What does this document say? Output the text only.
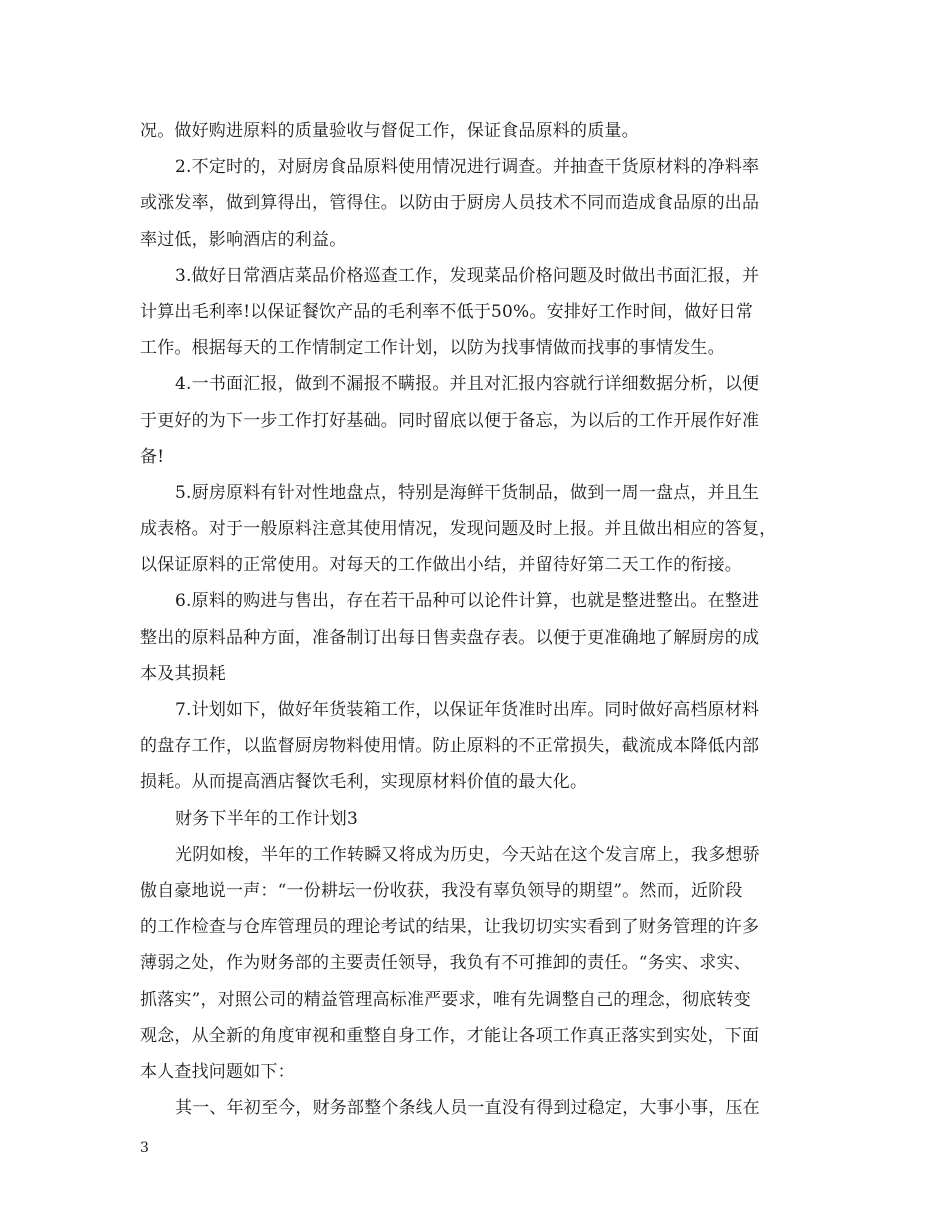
况。做好购进原料的质量验收与督促工作，保证食品原料的质量。
2.不定时的，对厨房食品原料使用情况进行调查。并抽查干货原材料的净料率
或涨发率，做到算得出，管得住。以防由于厨房人员技术不同而造成食品原的出品
率过低，影响酒店的利益。
3.做好日常酒店菜品价格巡查工作，发现菜品价格问题及时做出书面汇报，并
计算出毛利率!以保证餐饮产品的毛利率不低于50%。安排好工作时间，做好日常
工作。根据每天的工作情制定工作计划，以防为找事情做而找事的事情发生。
4.一书面汇报，做到不漏报不瞒报。并且对汇报内容就行详细数据分析，以便
于更好的为下一步工作打好基础。同时留底以便于备忘，为以后的工作开展作好准
备!
5.厨房原料有针对性地盘点，特别是海鲜干货制品，做到一周一盘点，并且生
成表格。对于一般原料注意其使用情况，发现问题及时上报。并且做出相应的答复，
以保证原料的正常使用。对每天的工作做出小结，并留待好第二天工作的衔接。
6.原料的购进与售出，存在若干品种可以论件计算，也就是整进整出。在整进
整出的原料品种方面，准备制订出每日售卖盘存表。以便于更准确地了解厨房的成
本及其损耗
7.计划如下，做好年货装箱工作，以保证年货准时出库。同时做好高档原材料
的盘存工作，以监督厨房物料使用情。防止原料的不正常损失，截流成本降低内部
损耗。从而提高酒店餐饮毛利，实现原材料价值的最大化。
财务下半年的工作计划3
光阴如梭，半年的工作转瞬又将成为历史，今天站在这个发言席上，我多想骄
傲自豪地说一声：“一份耕坛一份收获，我没有辜负领导的期望”。然而，近阶段
的工作检查与仓库管理员的理论考试的结果，让我切切实实看到了财务管理的许多
薄弱之处，作为财务部的主要责任领导，我负有不可推卸的责任。“务实、求实、
抓落实”，对照公司的精益管理高标准严要求，唯有先调整自己的理念，彻底转变
观念，从全新的角度审视和重整自身工作，才能让各项工作真正落实到实处，下面
本人查找问题如下：
其一、年初至今，财务部整个条线人员一直没有得到过稳定，大事小事，压在
3
